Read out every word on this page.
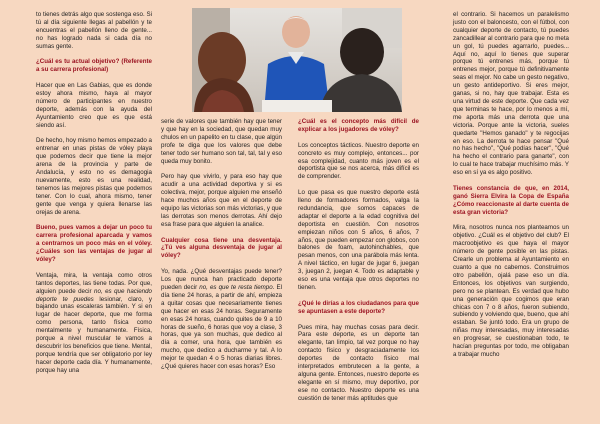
to tienes detrás algo que sostenga eso. Si tú al día siguiente llegas al pabellón y te encuentras el pabellón lleno de gente... no has logrado nada si cada día no sumas gente.

¿Cuál es tu actual objetivo? (Referente a su carrera profesional)

Hacer que en Las Gabias, que es donde estoy ahora mismo, haya al mayor número de participantes en nuestro deporte, además con la ayuda del Ayuntamiento creo que es que está siendo así.

De hecho, hoy mismo hemos empezado a entrenar en unas pistas de vóley playa que podemos decir que tiene la mejor arena de la provincia y parte de Andalucía, y esto no es demagogia nuevamente, esto es una realidad, tenemos las mejores pistas que podemos tener. Con lo cual, ahora mismo, tener gente que venga y quiera llenarse las orejas de arena.

Bueno, pues vamos a dejar un poco tu carrera profesional aparcada y vamos a centrarnos un poco más en el vóley. ¿Cuáles son las ventajas de jugar al vóley?

Ventaja, mira, la ventaja como otros tantos deportes, las tiene todas. Por que, alguien puede decir no, es que haciendo deporte te puedes lesionar, claro, y bajando unas escaleras también. Y si en lugar de hacer deporte, que me forma como persona, tanto física como mentalmente y humanamente. Física, porque a nivel muscular te vamos a descubrir los beneficios que tiene. Mental, porque tendría que ser obligatorio por ley hacer deporte cada día. Y humanamente, porque hay una

serie de valores que también hay que tener y que hay en la sociedad, que quedan muy chulos en un papelito en tu clase, que algún profe te diga que los valores que debe tener todo ser humano son tal, tal, tal y eso queda muy bonito.

Pero hay que vivirlo, y para eso hay que acudir a una actividad deportiva y si es colectiva, mejor, porque alguien me enseñó hace muchos años que en el deporte de equipo las victorias son más victorias, y que las derrotas son menos derrotas. Ahí dejo esa frase para que alguien la analice.

Cualquier cosa tiene una desventaja. ¿Tú ves alguna desventaja de jugar al vóley?

Yo, nada. ¿Qué desventajas puede tener? Los que nunca han practicado deporte pueden decir no, es que te resta tiempo. El día tiene 24 horas, a partir de ahí, empieza a quitar cosas que necesariamente tienes que hacer en esas 24 horas. Seguramente en esas 24 horas, cuando quites de 9 a 10 horas de sueño, 6 horas que voy a clase, 3 horas, que ya son muchas, que dedico al día a comer, una hora, que también es mucho, que dedico a ducharme y tal. A lo mejor te quedan 4 o 5 horas diarias libres. ¿Qué quieres hacer con esas horas? Eso

¿Cuál es el concepto más difícil de explicar a los jugadores de vóley?

Los conceptos tácticos. Nuestro deporte en concreto es muy complejo, entonces... por esa complejidad, cuanto más joven es el deportista que se nos acerca, más difícil es de comprender.

Lo que pasa es que nuestro deporte está lleno de formadores formados, valga la redundancia, que somos capaces de adaptar el deporte a la edad cognitiva del deportista en cuestión. Con nosotros empiezan niños con 5 años, 6 años, 7 años, que pueden empezar con globos, con balones de foam, autohinchables, que pesan menos, con una parábola más lenta. A nivel táctico, en lugar de jugar 6, juegan 3, juegan 2, juegan 4. Todo es adaptable y eso es una ventaja que otros deportes no tienen.

¿Qué le dirías a los ciudadanos para que se apuntasen a este deporte?

Pues mira, hay muchas cosas para decir. Para este deporte, es un deporte tan elegante, tan limpio, tal vez porque no hay contacto físico y desgraciadamente los deportes de contacto físico mal interpretados embrutecen a la gente, a alguna gente. Entonces, nuestro deporte es elegante en sí mismo, muy deportivo, por ese no contacto. Nuestro deporte es una cuestión de tener más aptitudes que

el contrario. Si hacemos un paralelismo justo con el baloncesto, con el fútbol, con cualquier deporte de contacto, tú puedes zancadillear al contrario para que no meta un gol, tú puedes agarrarlo, puedes... Aquí no, aquí lo tienes que superar porque tú entrenes más, porque tú entrenes mejor, porque tú definitivamente seas el mejor. No cabe un gesto negativo, un gesto antideportivo. Si eres mejor, ganas, si no, hay que trabajar. Esta es una virtud de este deporte. Que cada vez que terminas te hace, por lo menos a mí, me aporta más una derrota que una victoria. Porque ante la victoria, sueles quedarte "Hemos ganado" y te regocijas en eso. La derrota te hace pensar "Qué no has hecho", "Qué podías hacer", "Qué ha hecho el contrario para ganarte", con lo cual te hace trabajar muchísimo más. Y eso en sí ya es algo positivo.

Tienes constancia de que, en 2014, ganó Sierra Elvira la Copa de España ¿Cómo reaccionaste al darte cuenta de esta gran victoria?

Mira, nosotros nunca nos planteamos un objetivo. ¿Cuál es el objetivo del club? El macroobjetivo es que haya el mayor número de gente posible en las pistas. Crearle un problema al Ayuntamiento en cuanto a que no cabemos. Construimos otro pabellón, ojalá pase eso un día. Entonces, los objetivos van surgiendo, pero no se plantean. Es verdad que hubo una generación que cogimos que eran chicas con 7 o 8 años, fueron subiendo, subiendo y volviendo que, bueno, que ahí estaban. Se juntó todo. Era un grupo de niñas muy interesadas, muy interesadas en progresar, se cuestionaban todo, te hacían preguntas por todo, me obligaban a trabajar mucho
